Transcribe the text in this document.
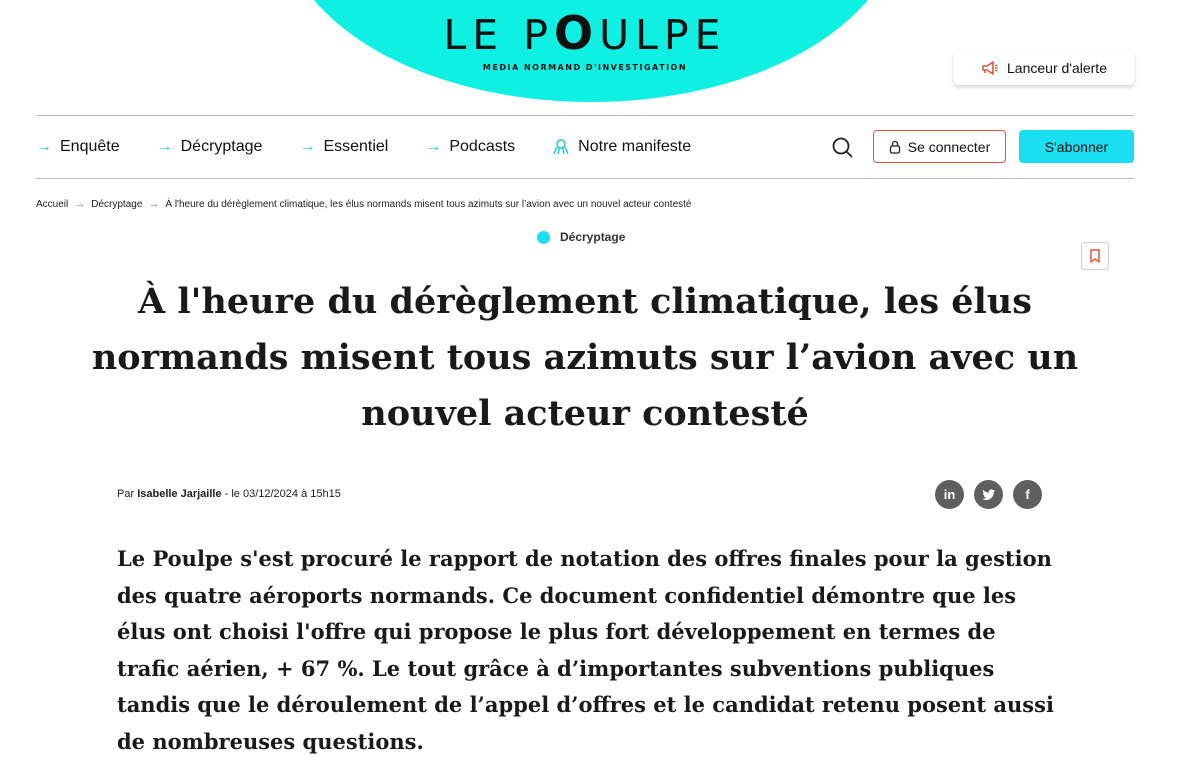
LE POULPE
MEDIA NORMAND D'INVESTIGATION	Lanceur d'alerte
→ Enquête → Décryptage → Essentiel → Podcasts	Notre manifeste	Se connecter	S'abonner
Accueil → Décryptage → À l'heure du dérèglement climatique, les élus normands misent tous azimuts sur l’avion avec un nouvel acteur contesté
Décryptage
À l'heure du dérèglement climatique, les élus normands misent tous azimuts sur l’avion avec un nouvel acteur contesté
Par Isabelle Jarjaille - le 03/12/2024 à 15h15	in	f

Le Poulpe s'est procuré le rapport de notation des offres finales pour la gestion des quatre aéroports normands. Ce document confidentiel démontre que les élus ont choisi l'offre qui propose le plus fort développement en termes de trafic aérien, + 67 %. Le tout grâce à d’importantes subventions publiques tandis que le déroulement de l’appel d’offres et le candidat retenu posent aussi de nombreuses questions.
